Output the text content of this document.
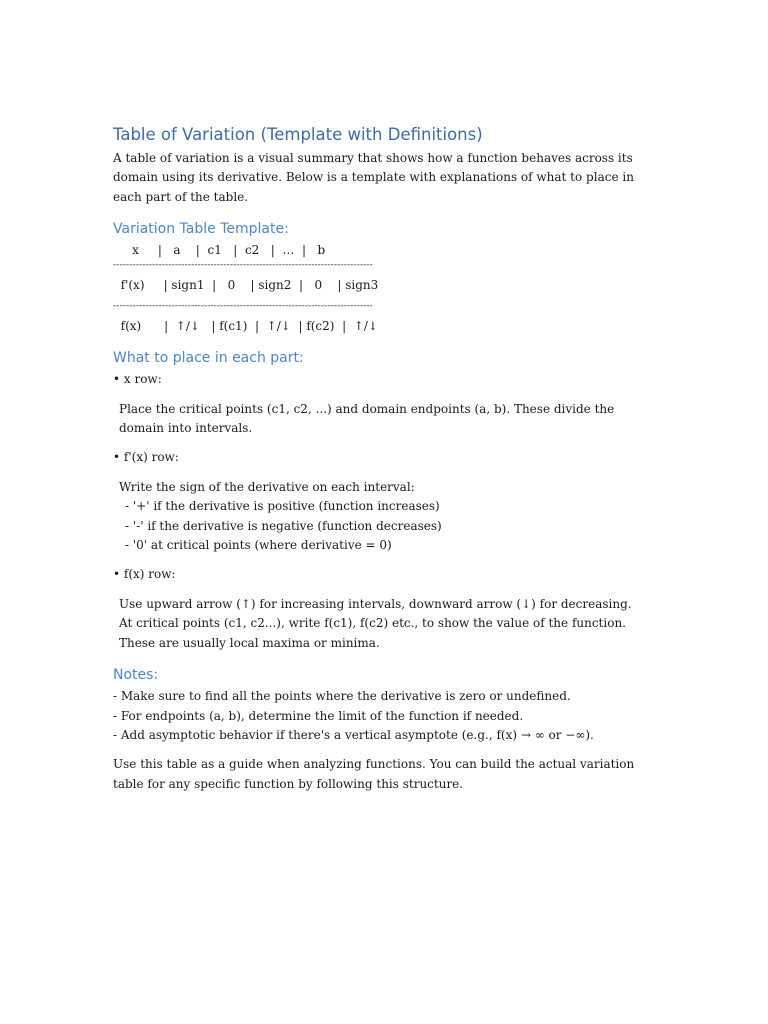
Table of Variation (Template with Definitions)

A table of variation is a visual summary that shows how a function behaves across its domain using its derivative. Below is a template with explanations of what to place in each part of the table.

Variation Table Template:

x     |   a    |  c1   |  c2   |  …  |   b

--------------------------------------------------------------------------------

f'(x)     | sign1  |   0    | sign2  |   0    | sign3

--------------------------------------------------------------------------------

f(x)      |  ↑/↓   | f(c1)  |  ↑/↓  | f(c2)  |  ↑/↓

What to place in each part:

• x row:

Place the critical points (c1, c2, ...) and domain endpoints (a, b). These divide the domain into intervals.

• f'(x) row:

Write the sign of the derivative on each interval:

- '+' if the derivative is positive (function increases)

- '-' if the derivative is negative (function decreases)

- '0' at critical points (where derivative = 0)

• f(x) row:

Use upward arrow (↑) for increasing intervals, downward arrow (↓) for decreasing.

At critical points (c1, c2...), write f(c1), f(c2) etc., to show the value of the function.

These are usually local maxima or minima.

Notes:

- Make sure to find all the points where the derivative is zero or undefined.

- For endpoints (a, b), determine the limit of the function if needed.

- Add asymptotic behavior if there's a vertical asymptote (e.g., f(x) → ∞ or −∞).

Use this table as a guide when analyzing functions. You can build the actual variation table for any specific function by following this structure.
